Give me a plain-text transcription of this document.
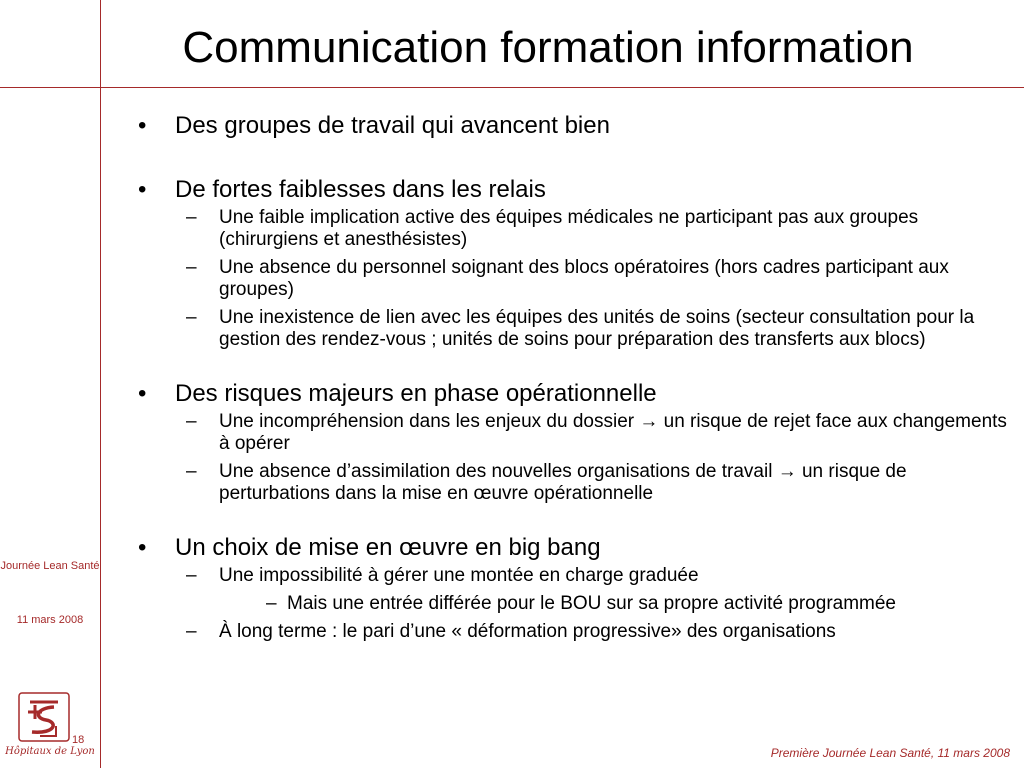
Communication formation information
• Des groupes de travail qui avancent bien
• De fortes faiblesses dans les relais
– Une faible implication active des équipes médicales ne participant pas aux groupes (chirurgiens et anesthésistes)
– Une absence du personnel soignant des blocs opératoires (hors cadres participant aux groupes)
– Une inexistence de lien avec les équipes des unités de soins (secteur consultation pour la gestion des rendez-vous ; unités de soins pour préparation des transferts aux blocs)
• Des risques majeurs en phase opérationnelle
– Une incompréhension dans les enjeux du dossier → un risque de rejet face aux changements à opérer
– Une absence d’assimilation des nouvelles organisations de travail → un risque de perturbations dans la mise en œuvre opérationnelle
• Un choix de mise en œuvre en big bang
– Une impossibilité à gérer une montée en charge graduée
– Mais une entrée différée pour le BOU sur sa propre activité programmée
– À long terme : le pari d’une « déformation progressive» des organisations
Journée Lean Santé
11 mars 2008
Hôpitaux de Lyon
18
Première Journée Lean Santé, 11 mars 2008
